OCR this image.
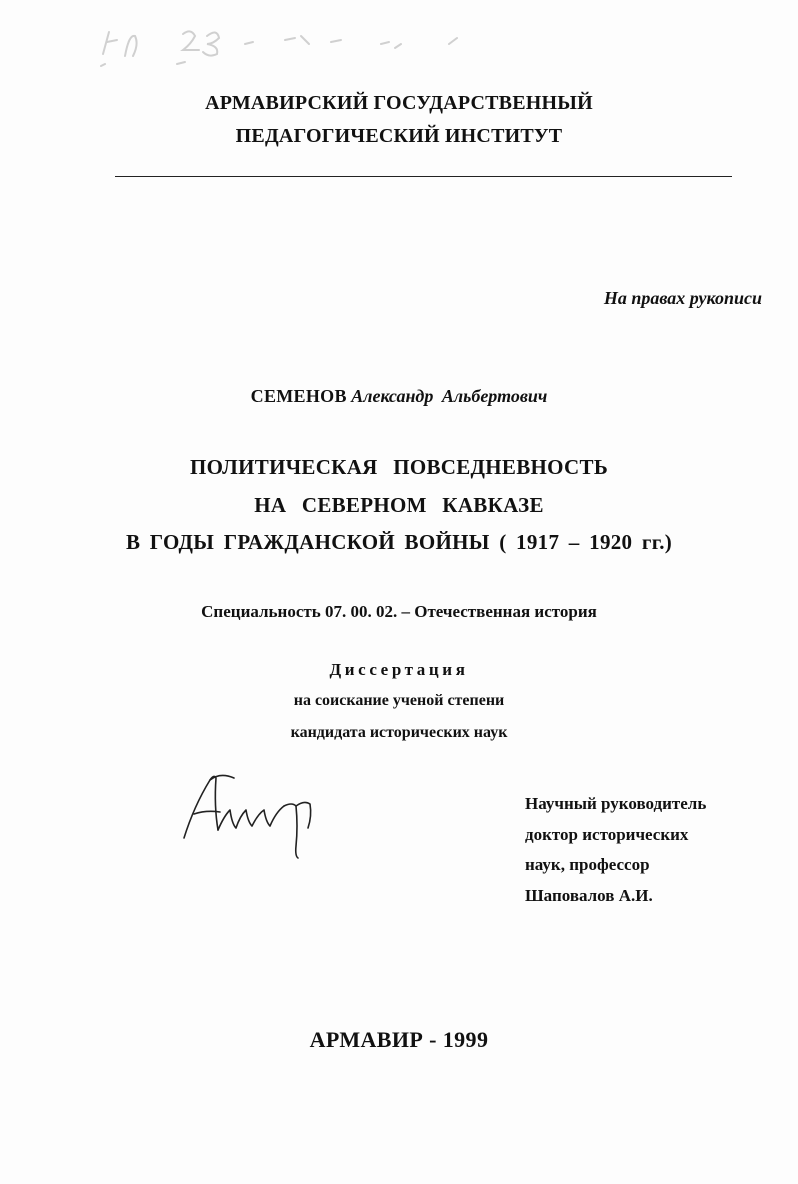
АРМАВИРСКИЙ ГОСУДАРСТВЕННЫЙ
ПЕДАГОГИЧЕСКИЙ ИНСТИТУТ
На правах рукописи
СЕМЕНОВ Александр Альбертович
ПОЛИТИЧЕСКАЯ ПОВСЕДНЕВНОСТЬ
НА СЕВЕРНОМ КАВКАЗЕ
В ГОДЫ ГРАЖДАНСКОЙ ВОЙНЫ ( 1917 – 1920 гг.)
Специальность 07. 00. 02. – Отечественная история
Диссертация
на соискание ученой степени
кандидата исторических наук
Научный руководитель
доктор исторических
наук, профессор
Шаповалов А.И.
АРМАВИР - 1999
